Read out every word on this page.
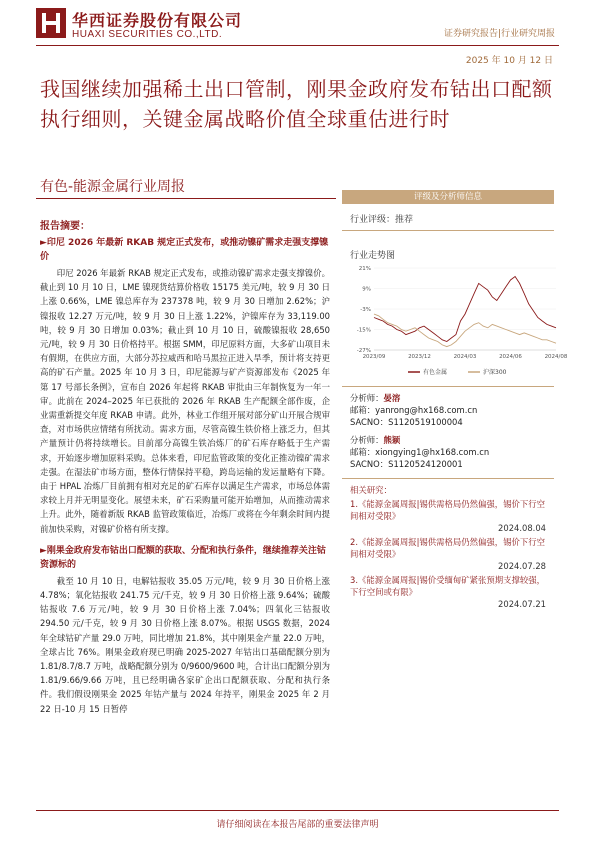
华西证券股份有限公司
HUAXI SECURITIES CO.,LTD.	证券研究报告|行业研究周报
2025 年 10 月 12 日
我国继续加强稀土出口管制，刚果金政府发布钴出口配额执行细则，关键金属战略价值全球重估进行时
有色-能源金属行业周报
报告摘要：
►印尼 2026 年最新 RKAB 规定正式发布，或推动镍矿需求走强支撑镍价

印尼 2026 年最新 RKAB 规定正式发布，或推动镍矿需求走强支撑镍价。截止到 10 月 10 日，LME 镍现货结算价格收 15175 美元/吨，较 9 月 30 日上涨 0.66%，LME 镍总库存为 237378 吨，较 9 月 30 日增加 2.62%；沪镍报收 12.27 万元/吨，较 9 月 30 日上涨 1.22%，沪镍库存为 33,119.00 吨，较 9 月 30 日增加 0.03%；截止到 10 月 10 日，硫酸镍报收 28,650 元/吨，较 9 月 30 日价格持平。根据 SMM，印尼原料方面，大多矿山项目未有假期，在供应方面，大部分苏拉威西和哈马黑拉正进入旱季，预计将支持更高的矿石产量。2025 年 10 月 3 日，印尼能源与矿产资源部发布《2025 年第 17 号部长条例》，宣布自 2026 年起将 RKAB 审批由三年制恢复为一年一审。此前在 2024–2025 年已获批的 2026 年 RKAB 生产配额全部作废，企业需重新提交年度 RKAB 申请。此外，林业工作组开展对部分矿山开展合规审查，对市场供应情绪有所扰动。需求方面，尽管高镍生铁价格上涨乏力，但其产量预计仍将持续增长。目前部分高镍生铁冶炼厂的矿石库存略低于生产需求，开始逐步增加原料采购。总体来看，印尼监管政策的变化正推动镍矿需求走强。在湿法矿市场方面，整体行情保持平稳，跨岛运输的发运量略有下降。由于 HPAL 冶炼厂目前拥有相对充足的矿石库存以满足生产需求，市场总体需求较上月并无明显变化。展望未来，矿石采购量可能开始增加，从而推动需求上升。此外，随着新版 RKAB 监管政策临近，冶炼厂或将在今年剩余时间内提前加快采购，对镍矿价格有所支撑。

►刚果金政府发布钴出口配额的获取、分配和执行条件，继续推荐关注钴资源标的

截至 10 月 10 日，电解钴报收 35.05 万元/吨，较 9 月 30 日价格上涨 4.78%；氧化钴报收 241.75 元/千克，较 9 月 30 日价格上涨 9.64%；硫酸钴报收 7.6 万元/吨，较 9 月 30 日价格上涨 7.04%；四氧化三钴报收 294.50 元/千克，较 9 月 30 日价格上涨 8.07%。根据 USGS 数据，2024 年全球钴矿产量 29.0 万吨，同比增加 21.8%，其中刚果金产量 22.0 万吨，全球占比 76%。刚果金政府现已明确 2025-2027 年钴出口基础配额分别为 1.81/8.7/8.7 万吨，战略配额分别为 0/9600/9600 吨，合计出口配额分别为 1.81/9.66/9.66 万吨，且已经明确各家矿企出口配额获取、分配和执行条件。我们假设刚果金 2025 年钴产量与 2024 年持平，刚果金 2025 年 2 月 22 日-10 月 15 日暂停

评级及分析师信息
行业评级：推荐
行业走势图
21%
9%
-3%
-15%
-27%
2023/09	2023/12	2024/03	2024/06	2024/08
有色金属	沪深300
分析师：晏溶
邮箱：yanrong@hx168.com.cn
SACNO：S1120519100004
分析师：熊颖
邮箱：xiongying1@hx168.com.cn
SACNO：S1120524120001
相关研究：
1.《能源金属周报|锡供需格局仍然偏强，锡价下行空间相对受限》
2024.08.04
2.《能源金属周报|锡供需格局仍然偏强，锡价下行空间相对受限》
2024.07.28
3.《能源金属周报|锡价受缅甸矿紧张预期支撑较强，下行空间或有限》
2024.07.21
请仔细阅读在本报告尾部的重要法律声明
